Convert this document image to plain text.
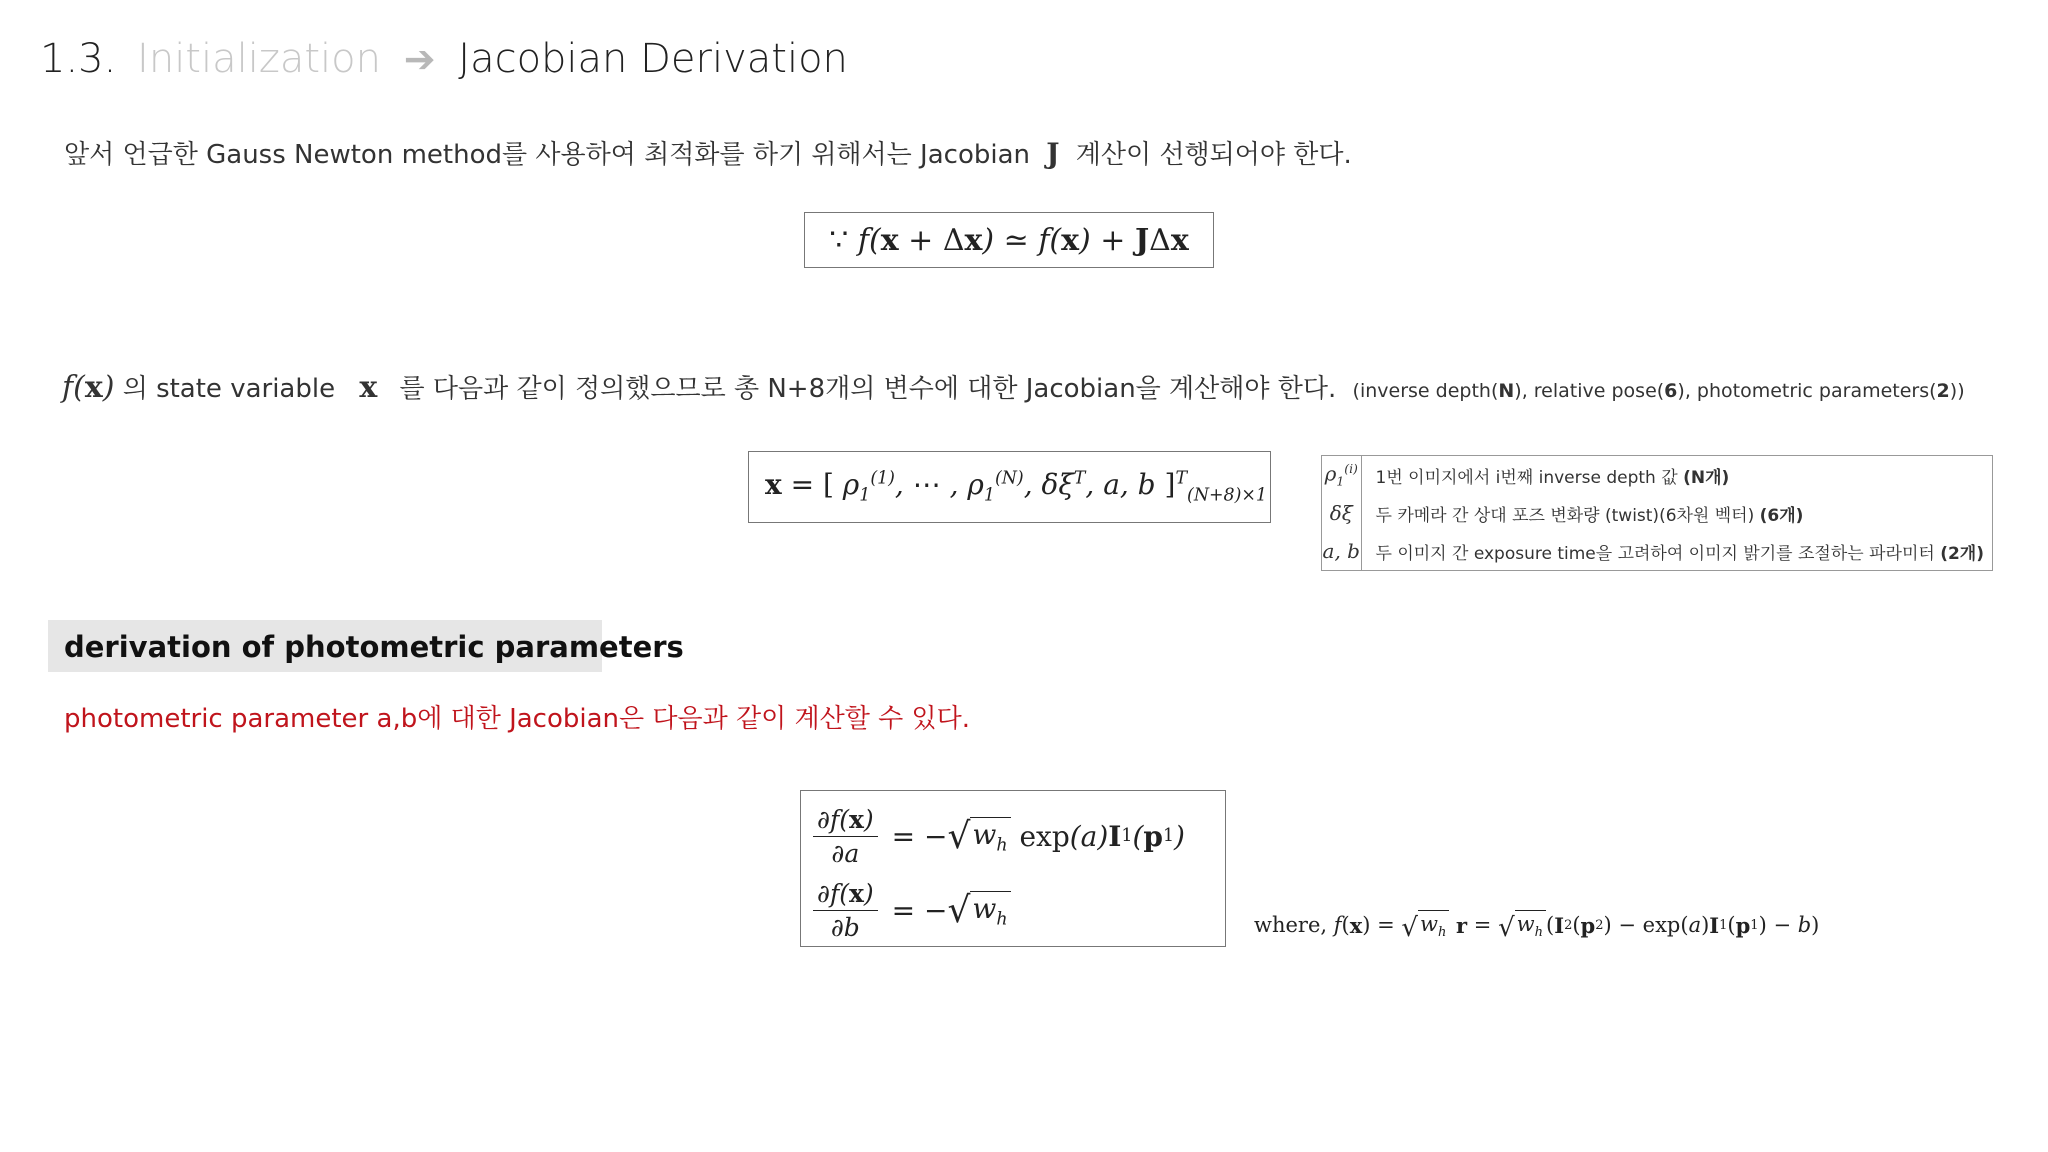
1.3. Initialization ➔ Jacobian Derivation
앞서 언급한 Gauss Newton method를 사용하여 최적화를 하기 위해서는 Jacobian J 계산이 선행되어야 한다.
∵ f(x + Δx) ≃ f(x) + JΔx
f(x) 의 state variable x 를 다음과 같이 정의했으므로 총 N+8개의 변수에 대한 Jacobian을 계산해야 한다. (inverse depth(N), relative pose(6), photometric parameters(2))
x = [ $\rho_1^{(1)}$, ⋯ , $\rho_1^{(N)}$, $\delta\xi^T$, a, b ]$^T_{(N+8)\times 1}$
$\rho_1^{(i)}$	1번 이미지에서 i번째 inverse depth 값 (N개)
δξ	두 카메라 간 상대 포즈 변화량 (twist)(6차원 벡터) (6개)
a, b	두 이미지 간 exposure time을 고려하여 이미지 밝기를 조절하는 파라미터 (2개)
derivation of photometric parameters
photometric parameter a,b에 대한 Jacobian은 다음과 같이 계산할 수 있다.
$\frac{\partial f(x)}{\partial a}$ = − √ $w_h$ exp (a) I 1 ( p 1 )
$\frac{\partial f(x)}{\partial b}$ = − √ $w_h$	where, f ( x ) = √ $w_h$
r = √ $w_h$ ( I 2 ( p 2 ) − exp( a ) I 1 ( p 1 ) − b )
